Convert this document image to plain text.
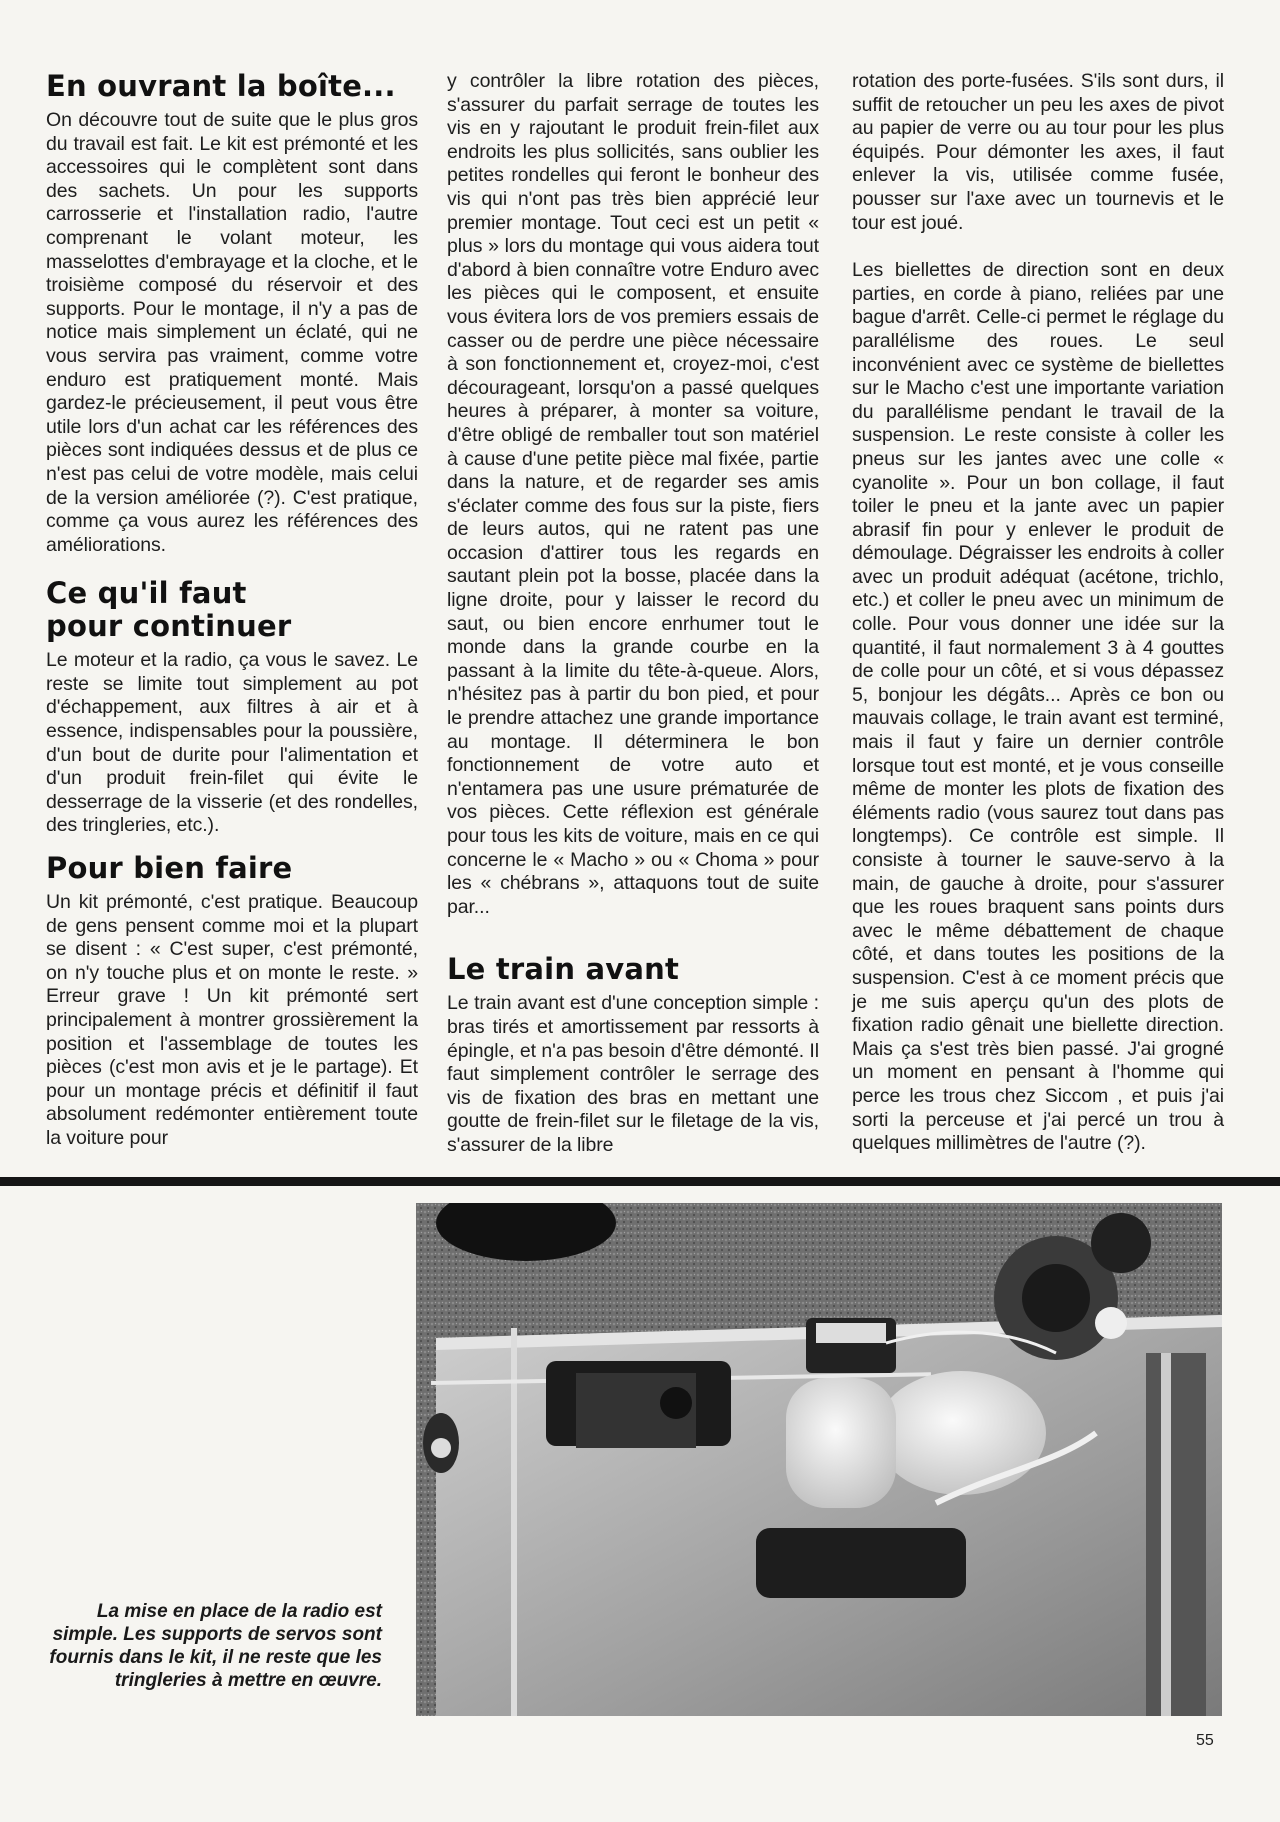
En ouvrant la boîte...

On découvre tout de suite que le plus gros du travail est fait. Le kit est prémonté et les accessoires qui le complètent sont dans des sachets. Un pour les supports carrosserie et l'installation radio, l'autre comprenant le volant moteur, les masselottes d'embrayage et la cloche, et le troisième composé du réservoir et des supports. Pour le montage, il n'y a pas de notice mais simplement un éclaté, qui ne vous servira pas vraiment, comme votre enduro est pratiquement monté. Mais gardez-le précieusement, il peut vous être utile lors d'un achat car les références des pièces sont indiquées dessus et de plus ce n'est pas celui de votre modèle, mais celui de la version améliorée (?). C'est pratique, comme ça vous aurez les références des améliorations.

Ce qu'il faut pour continuer

Le moteur et la radio, ça vous le savez. Le reste se limite tout simplement au pot d'échappement, aux filtres à air et à essence, indispensables pour la poussière, d'un bout de durite pour l'alimentation et d'un produit frein-filet qui évite le desserrage de la visserie (et des rondelles, des tringleries, etc.).

Pour bien faire

Un kit prémonté, c'est pratique. Beaucoup de gens pensent comme moi et la plupart se disent : « C'est super, c'est prémonté, on n'y touche plus et on monte le reste. » Erreur grave ! Un kit prémonté sert principalement à montrer grossièrement la position et l'assemblage de toutes les pièces (c'est mon avis et je le partage). Et pour un montage précis et définitif il faut absolument redémonter entièrement toute la voiture pour

y contrôler la libre rotation des pièces, s'assurer du parfait serrage de toutes les vis en y rajoutant le produit frein-filet aux endroits les plus sollicités, sans oublier les petites rondelles qui feront le bonheur des vis qui n'ont pas très bien apprécié leur premier montage. Tout ceci est un petit « plus » lors du montage qui vous aidera tout d'abord à bien connaître votre Enduro avec les pièces qui le composent, et ensuite vous évitera lors de vos premiers essais de casser ou de perdre une pièce nécessaire à son fonctionnement et, croyez-moi, c'est décourageant, lorsqu'on a passé quelques heures à préparer, à monter sa voiture, d'être obligé de remballer tout son matériel à cause d'une petite pièce mal fixée, partie dans la nature, et de regarder ses amis s'éclater comme des fous sur la piste, fiers de leurs autos, qui ne ratent pas une occasion d'attirer tous les regards en sautant plein pot la bosse, placée dans la ligne droite, pour y laisser le record du saut, ou bien encore enrhumer tout le monde dans la grande courbe en la passant à la limite du tête-à-queue. Alors, n'hésitez pas à partir du bon pied, et pour le prendre attachez une grande importance au montage. Il déterminera le bon fonctionnement de votre auto et n'entamera pas une usure prématurée de vos pièces. Cette réflexion est générale pour tous les kits de voiture, mais en ce qui concerne le « Macho » ou « Choma » pour les « chébrans », attaquons tout de suite par...

Le train avant

Le train avant est d'une conception simple : bras tirés et amortissement par ressorts à épingle, et n'a pas besoin d'être démonté. Il faut simplement contrôler le serrage des vis de fixation des bras en mettant une goutte de frein-filet sur le filetage de la vis, s'assurer de la libre

rotation des porte-fusées. S'ils sont durs, il suffit de retoucher un peu les axes de pivot au papier de verre ou au tour pour les plus équipés. Pour démonter les axes, il faut enlever la vis, utilisée comme fusée, pousser sur l'axe avec un tournevis et le tour est joué.

Les biellettes de direction sont en deux parties, en corde à piano, reliées par une bague d'arrêt. Celle-ci permet le réglage du parallélisme des roues. Le seul inconvénient avec ce système de biellettes sur le Macho c'est une importante variation du parallélisme pendant le travail de la suspension. Le reste consiste à coller les pneus sur les jantes avec une colle « cyanolite ». Pour un bon collage, il faut toiler le pneu et la jante avec un papier abrasif fin pour y enlever le produit de démoulage. Dégraisser les endroits à coller avec un produit adéquat (acétone, trichlo, etc.) et coller le pneu avec un minimum de colle. Pour vous donner une idée sur la quantité, il faut normalement 3 à 4 gouttes de colle pour un côté, et si vous dépassez 5, bonjour les dégâts... Après ce bon ou mauvais collage, le train avant est terminé, mais il faut y faire un dernier contrôle lorsque tout est monté, et je vous conseille même de monter les plots de fixation des éléments radio (vous saurez tout dans pas longtemps). Ce contrôle est simple. Il consiste à tourner le sauve-servo à la main, de gauche à droite, pour s'assurer que les roues braquent sans points durs avec le même débattement de chaque côté, et dans toutes les positions de la suspension. C'est à ce moment précis que je me suis aperçu qu'un des plots de fixation radio gênait une biellette direction. Mais ça s'est très bien passé. J'ai grogné un moment en pensant à l'homme qui perce les trous chez Siccom , et puis j'ai sorti la perceuse et j'ai percé un trou à quelques millimètres de l'autre (?).

La mise en place de la radio est simple. Les supports de servos sont fournis dans le kit, il ne reste que les tringleries à mettre en œuvre.
55
